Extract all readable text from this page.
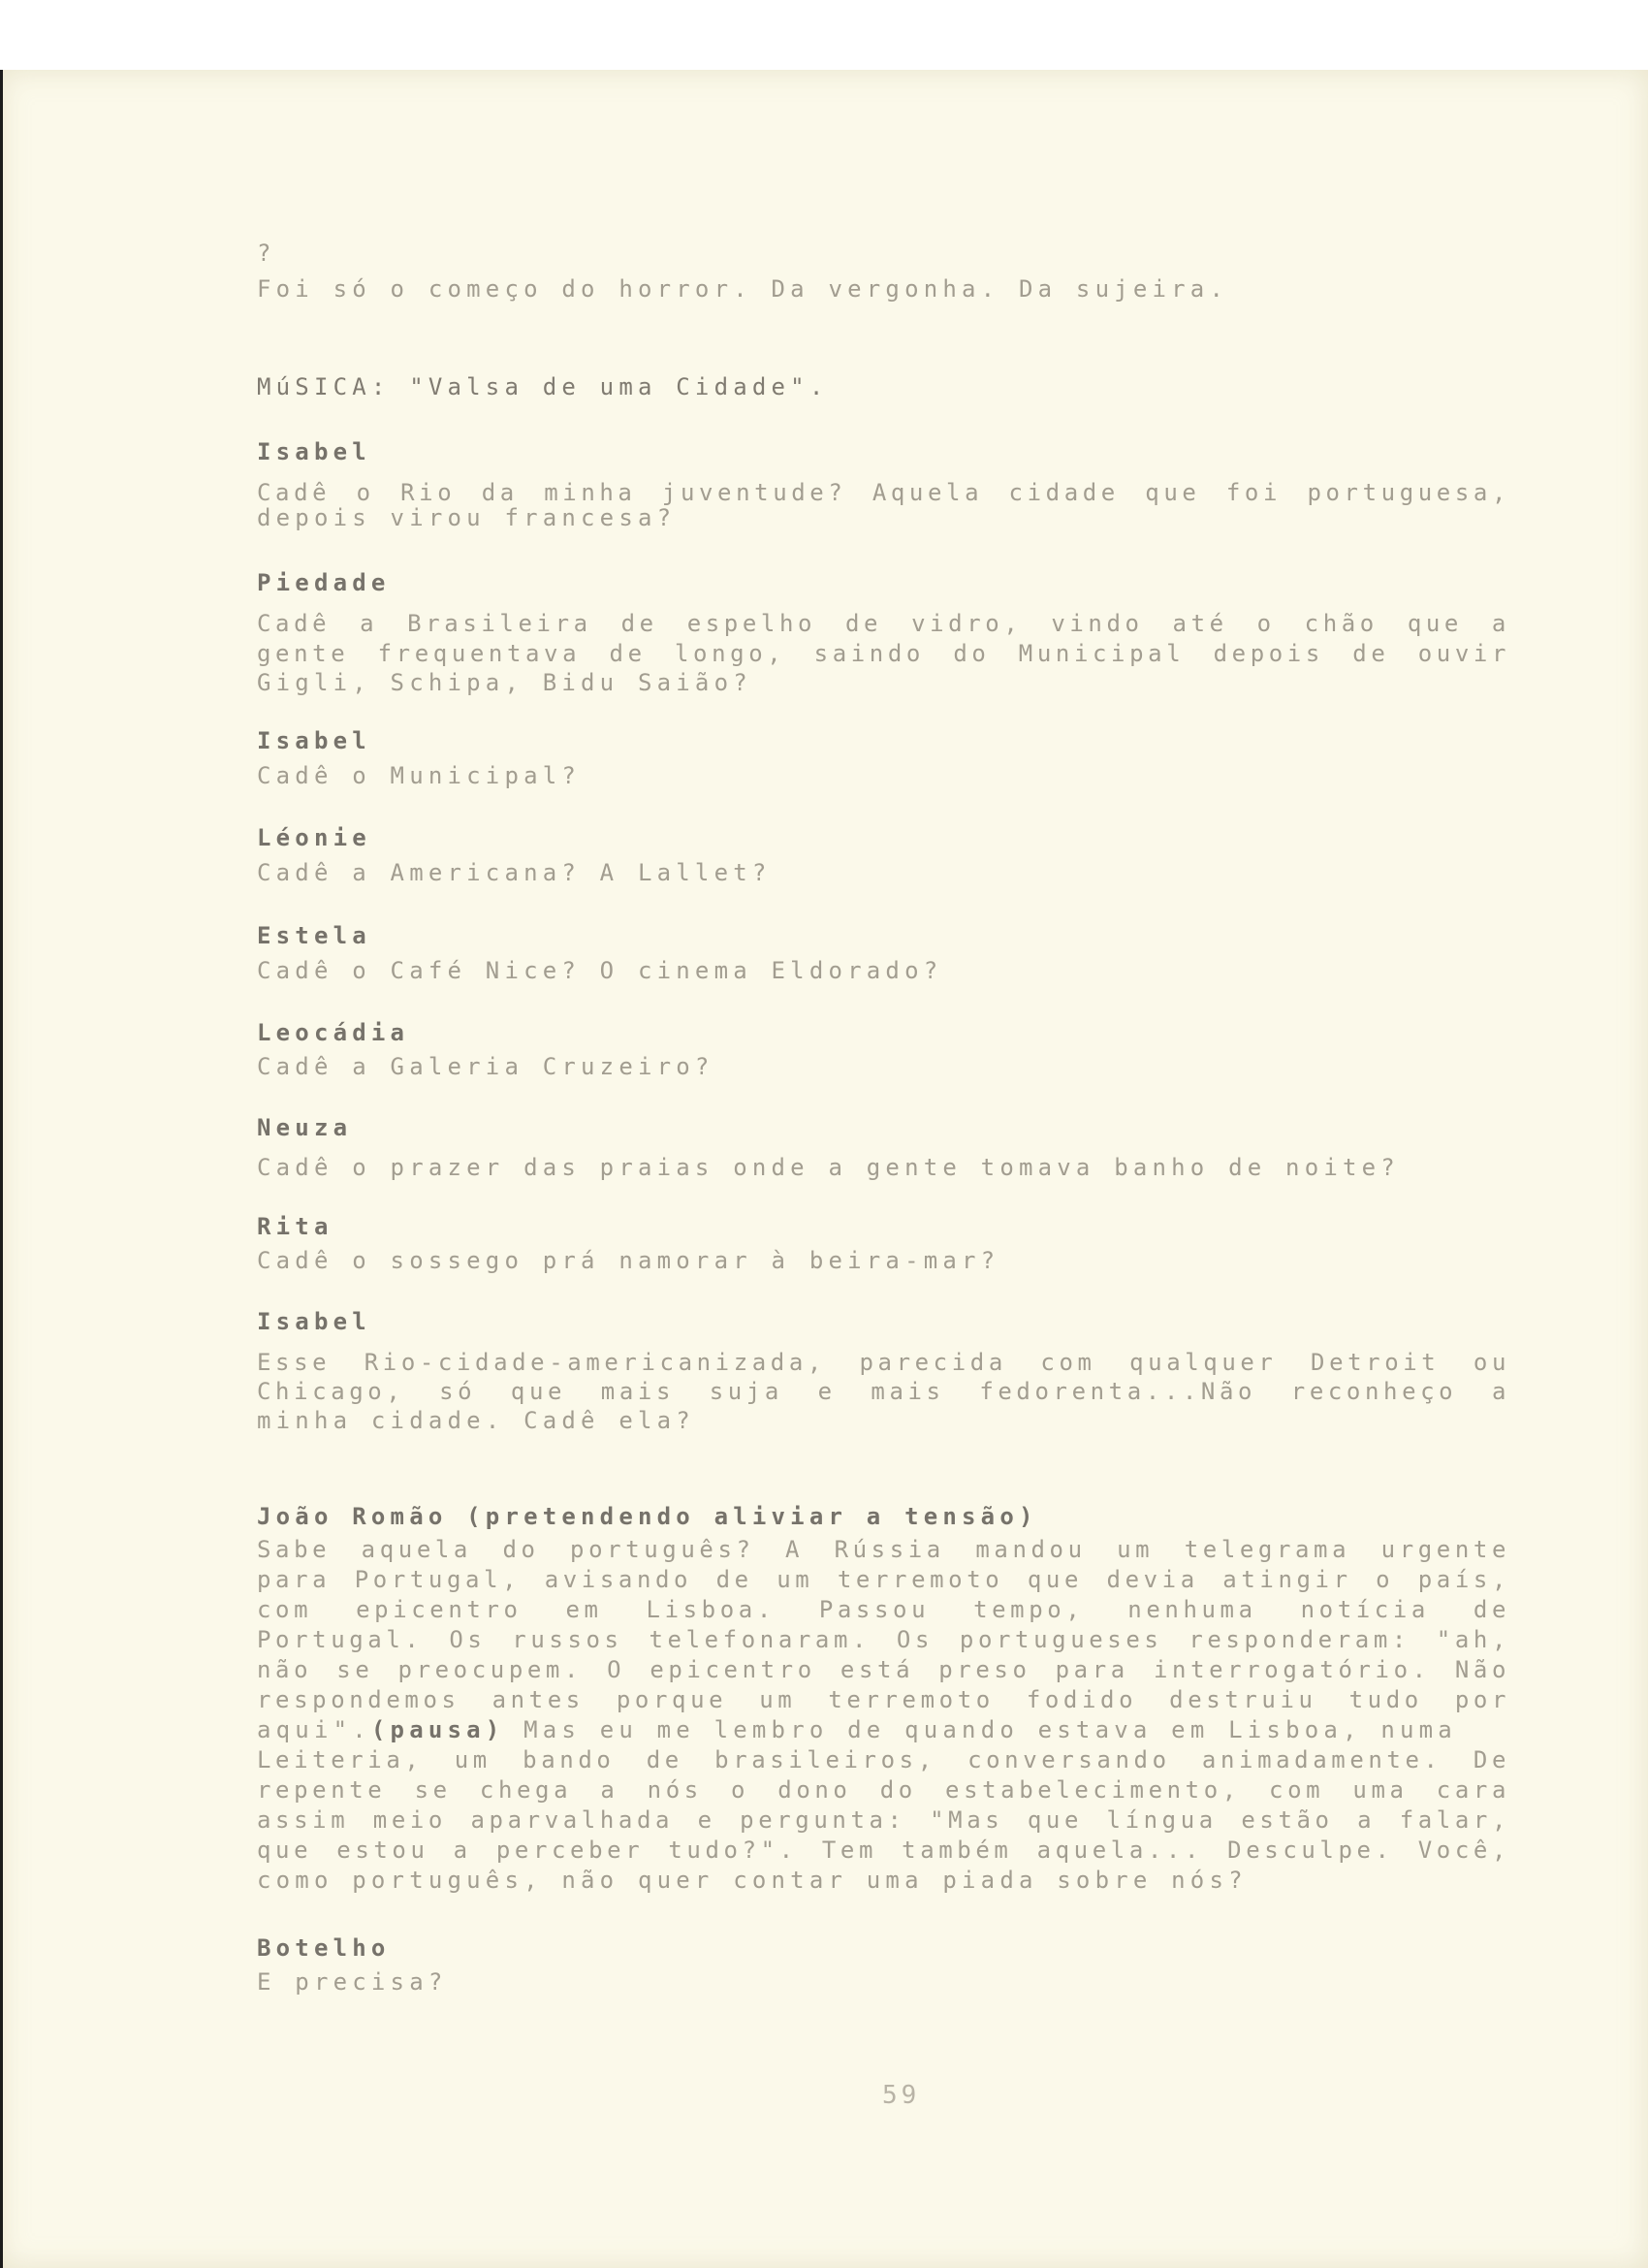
?

Foi só o começo do horror. Da vergonha. Da sujeira.

MúSICA: "Valsa de uma Cidade".

Isabel

Cadê o Rio da minha juventude? Aquela cidade que foi portuguesa,

depois virou francesa?

Piedade

Cadê a Brasileira de espelho de vidro, vindo até o chão que a

gente frequentava de longo, saindo do Municipal depois de ouvir

Gigli, Schipa, Bidu Saião?

Isabel

Cadê o Municipal?

Léonie

Cadê a Americana? A Lallet?

Estela

Cadê o Café Nice? O cinema Eldorado?

Leocádia

Cadê a Galeria Cruzeiro?

Neuza

Cadê o prazer das praias onde a gente tomava banho de noite?

Rita

Cadê o sossego prá namorar à beira-mar?

Isabel

Esse Rio-cidade-americanizada, parecida com qualquer Detroit ou

Chicago, só que mais suja e mais fedorenta...Não reconheço a

minha cidade. Cadê ela?

João Romão (pretendendo aliviar a tensão)

Sabe aquela do português? A Rússia mandou um telegrama urgente

para Portugal, avisando de um terremoto que devia atingir o país,

com epicentro em Lisboa. Passou tempo, nenhuma notícia de

Portugal. Os russos telefonaram. Os portugueses responderam: "ah,

não se preocupem. O epicentro está preso para interrogatório. Não

respondemos antes porque um terremoto fodido destruiu tudo por

aqui".(pausa) Mas eu me lembro de quando estava em Lisboa, numa

Leiteria, um bando de brasileiros, conversando animadamente. De

repente se chega a nós o dono do estabelecimento, com uma cara

assim meio aparvalhada e pergunta: "Mas que língua estão a falar,

que estou a perceber tudo?". Tem também aquela... Desculpe. Você,

como português, não quer contar uma piada sobre nós?

Botelho

E precisa?

59
